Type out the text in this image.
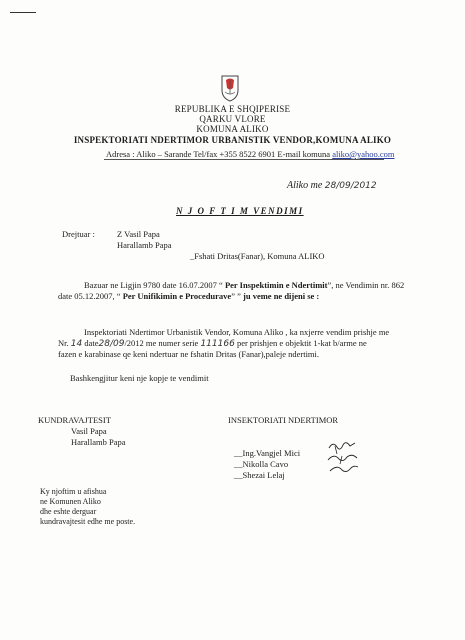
REPUBLIKA E SHQIPERISE
QARKU VLORE
KOMUNA ALIKO
INSPEKTORIATI NDERTIMOR URBANISTIK VENDOR,KOMUNA ALIKO
Adresa : Aliko – Sarande Tel/fax +355 8522 6901 E-mail komuna aliko@yahoo.com
Aliko me 28/09/2012
N J O F T I M VENDIMI
Drejtuar :	Z Vasil Papa
Harallamb Papa
_Fshati Dritas(Fanar), Komuna ALIKO
Bazuar ne Ligjin 9780 date 16.07.2007 “ Per Inspektimin e Ndertimit”, ne Vendimin nr. 862
date 05.12.2007, “ Per Unifikimin e Procedurave” ” ju veme ne dijeni se :
Inspektoriati Ndertimor Urbanistik Vendor, Komuna Aliko , ka nxjerre vendim prishje me
Nr. 14 date28/09/2012 me numer serie 111166 per prishjen e objektit 1-kat b/arme ne
fazen e karabinase qe keni ndertuar ne fshatin Dritas (Fanar),paleje ndertimi.
Bashkengjitur keni nje kopje te vendimit
KUNDRAVAJTESIT
Vasil Papa
Harallamb Papa
INSEKTORIATI NDERTIMOR
__Ing.Vangjel Mici
__Nikolla Cavo
__Shezai Lelaj
Ky njoftim u afishua
ne Komunen Aliko
dhe eshte derguar
kundravajtesit edhe me poste.
